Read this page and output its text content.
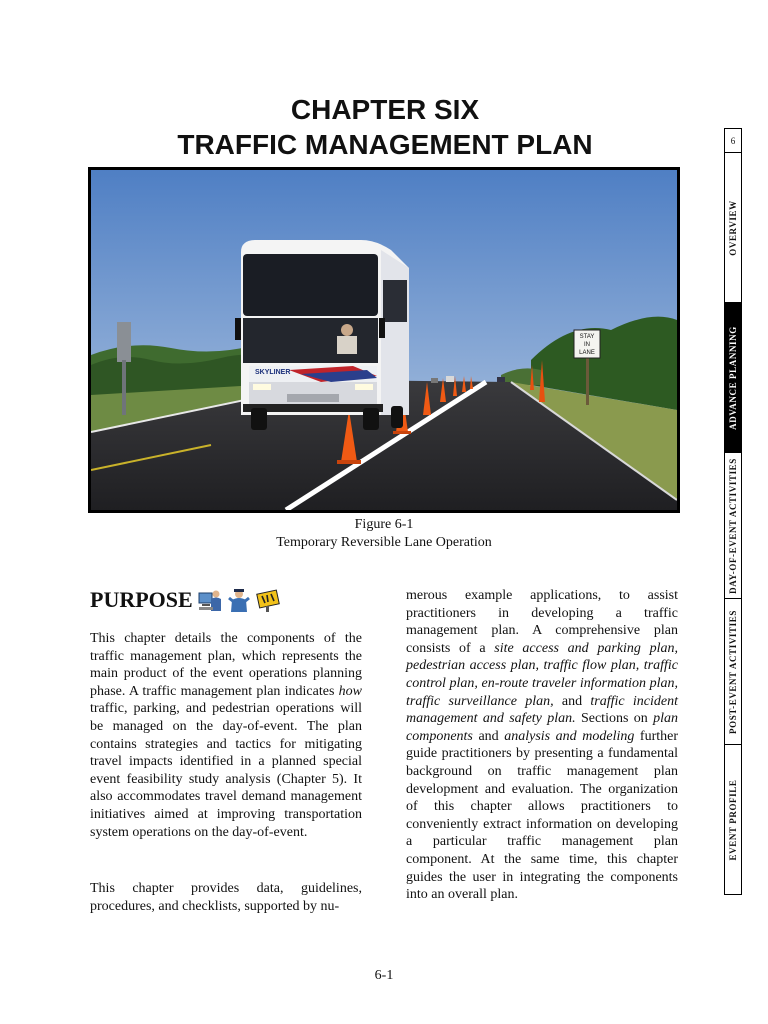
CHAPTER SIX
TRAFFIC MANAGEMENT PLAN
STAY
IN
LANE
SKYLINER
Figure 6-1
Temporary Reversible Lane Operation
PURPOSE

This chapter details the components of the traffic management plan, which represents the main product of the event operations planning phase. A traffic management plan indicates how traffic, parking, and pedestrian operations will be managed on the day-of-event. The plan contains strategies and tactics for mitigating travel impacts identified in a planned special event feasibility study analysis (Chapter 5). It also accommodates travel demand management initiatives aimed at improving transportation system operations on the day-of-event.

This chapter provides data, guidelines, procedures, and checklists, supported by nu-

merous example applications, to assist practitioners in developing a traffic management plan. A comprehensive plan consists of a site access and parking plan, pedestrian access plan, traffic flow plan, traffic control plan, en-route traveler information plan, traffic surveillance plan, and traffic incident management and safety plan. Sections on plan components and analysis and modeling further guide practitioners by presenting a fundamental background on traffic management plan development and evaluation. The organization of this chapter allows practitioners to conveniently extract information on developing a particular traffic management plan component. At the same time, this chapter guides the user in integrating the components into an overall plan.

6-1
6
OVERVIEW
ADVANCE PLANNING
DAY-OF-EVENT ACTIVITIES
POST-EVENT ACTIVITIES
EVENT PROFILE
